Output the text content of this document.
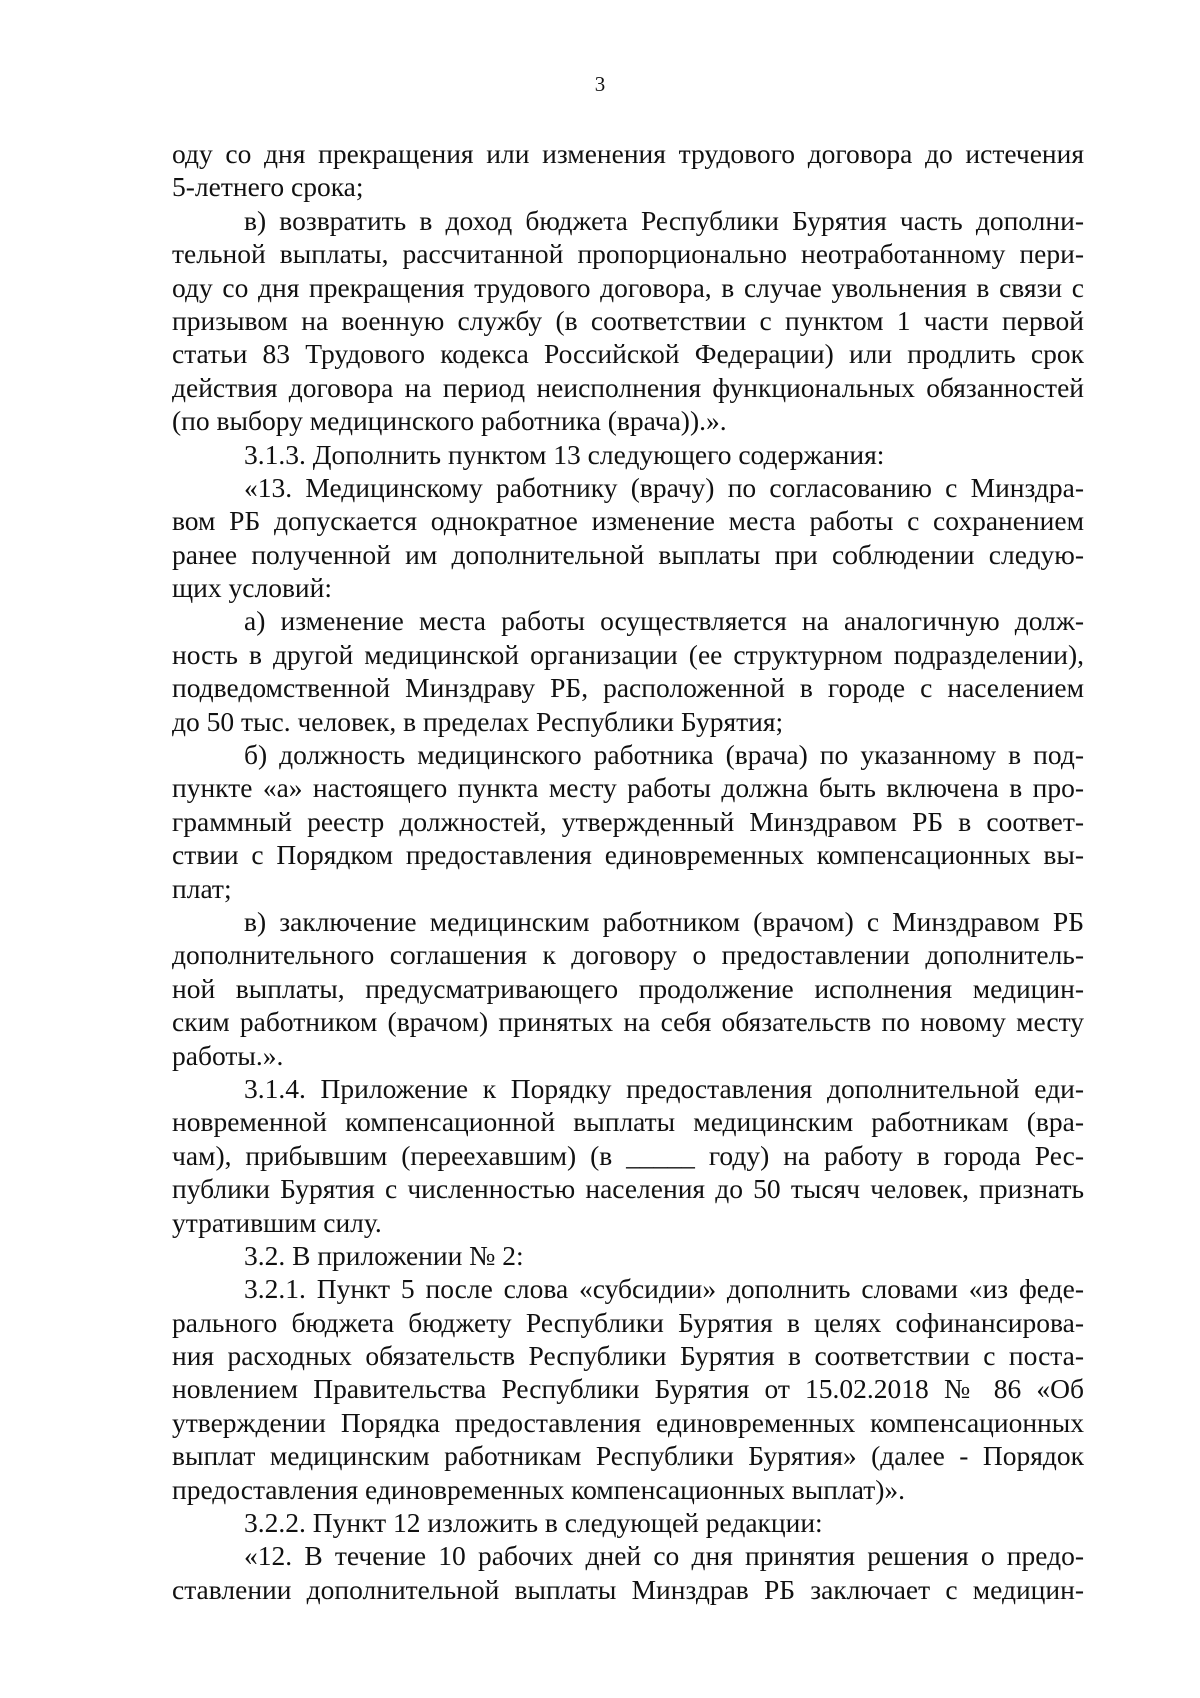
3
оду со дня прекращения или изменения трудового договора до истечения
5-летнего срока;
в) возвратить в доход бюджета Республики Бурятия часть дополни-
тельной выплаты, рассчитанной пропорционально неотработанному пери-
оду со дня прекращения трудового договора, в случае увольнения в связи с
призывом на военную службу (в соответствии с пунктом 1 части первой
статьи 83 Трудового кодекса Российской Федерации) или продлить срок
действия договора на период неисполнения функциональных обязанностей
(по выбору медицинского работника (врача)).».
3.1.3. Дополнить пунктом 13 следующего содержания:
«13. Медицинскому работнику (врачу) по согласованию с Минздра-
вом РБ допускается однократное изменение места работы с сохранением
ранее полученной им дополнительной выплаты при соблюдении следую-
щих условий:
а) изменение места работы осуществляется на аналогичную долж-
ность в другой медицинской организации (ее структурном подразделении),
подведомственной Минздраву РБ, расположенной в городе с населением
до 50 тыс. человек, в пределах Республики Бурятия;
б) должность медицинского работника (врача) по указанному в под-
пункте «а» настоящего пункта месту работы должна быть включена в про-
граммный реестр должностей, утвержденный Минздравом РБ в соответ-
ствии с Порядком предоставления единовременных компенсационных вы-
плат;
в) заключение медицинским работником (врачом) с Минздравом РБ
дополнительного соглашения к договору о предоставлении дополнитель-
ной выплаты, предусматривающего продолжение исполнения медицин-
ским работником (врачом) принятых на себя обязательств по новому месту
работы.».
3.1.4. Приложение к Порядку предоставления дополнительной еди-
новременной компенсационной выплаты медицинским работникам (вра-
чам), прибывшим (переехавшим) (в _____ году) на работу в города Рес-
публики Бурятия с численностью населения до 50 тысяч человек, признать
утратившим силу.
3.2. В приложении № 2:
3.2.1. Пункт 5 после слова «субсидии» дополнить словами «из феде-
рального бюджета бюджету Республики Бурятия в целях софинансирова-
ния расходных обязательств Республики Бурятия в соответствии с поста-
новлением Правительства Республики Бурятия от 15.02.2018 № 86 «Об
утверждении Порядка предоставления единовременных компенсационных
выплат медицинским работникам Республики Бурятия» (далее - Порядок
предоставления единовременных компенсационных выплат)».
3.2.2. Пункт 12 изложить в следующей редакции:
«12. В течение 10 рабочих дней со дня принятия решения о предо-
ставлении дополнительной выплаты Минздрав РБ заключает с медицин-
